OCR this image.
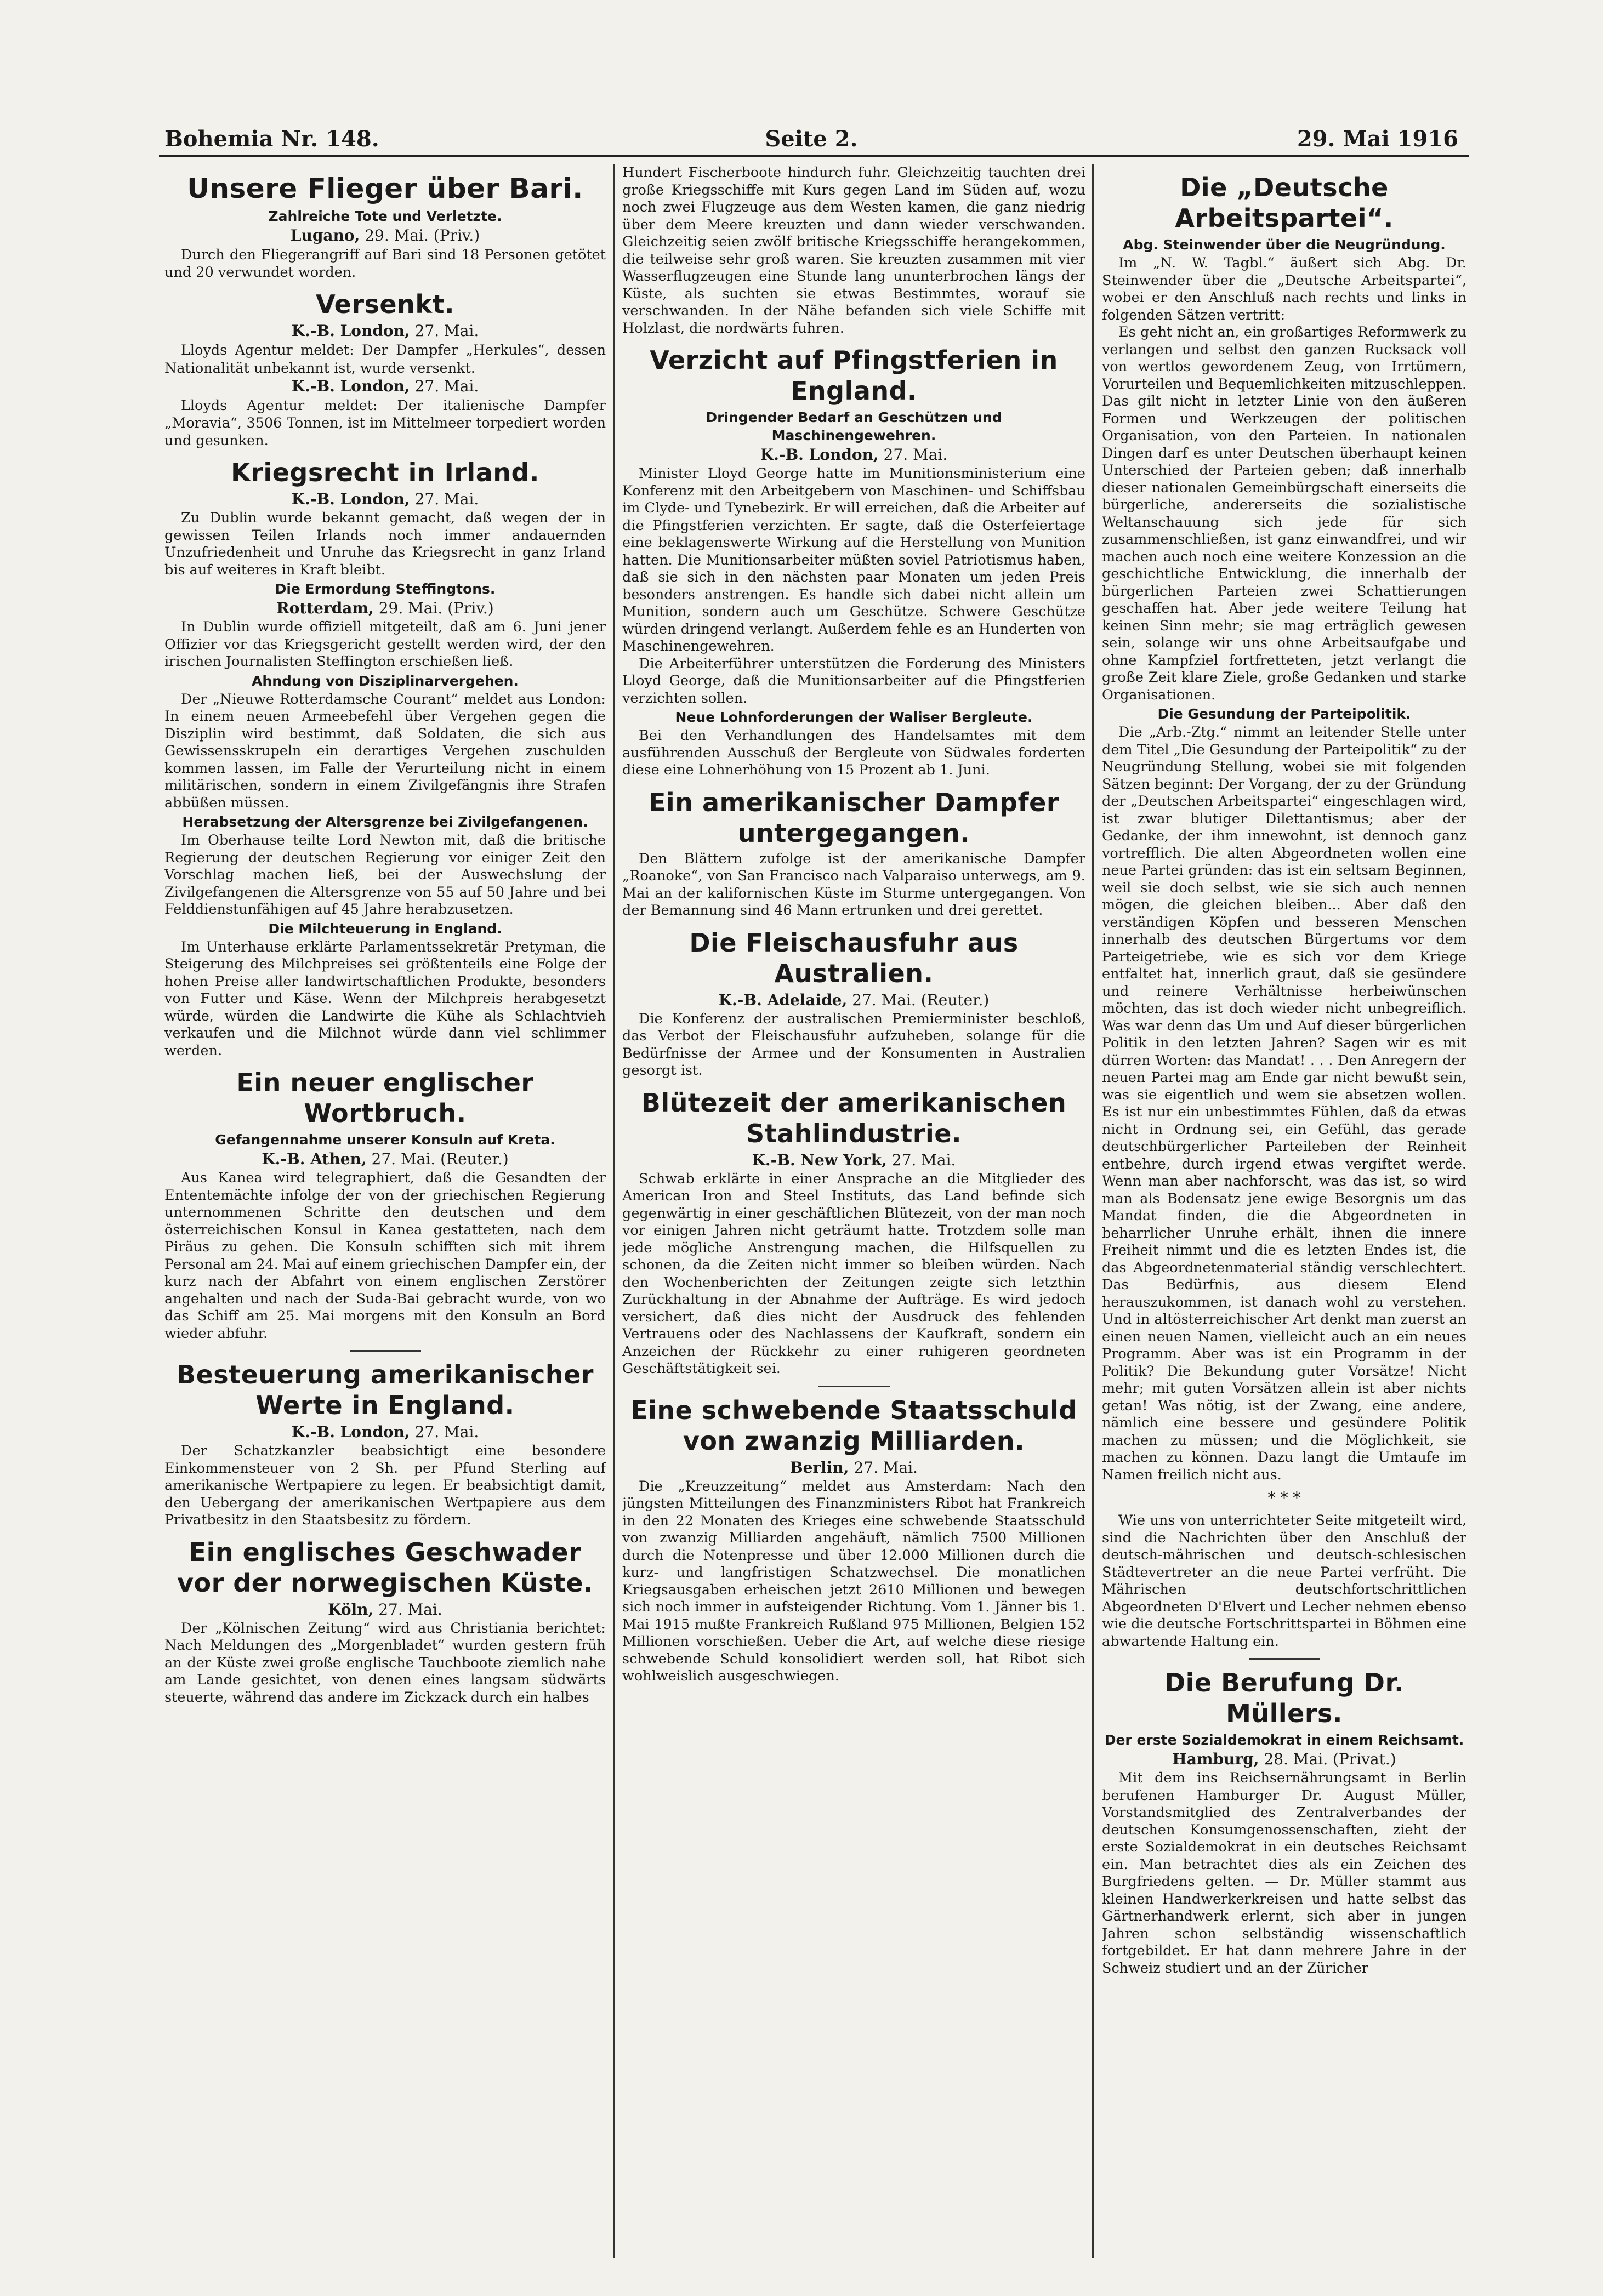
Bohemia Nr. 148.	Seite 2.	29. Mai 1916
Unsere Flieger über Bari.
Zahlreiche Tote und Verletzte.
Lugano, 29. Mai. (Priv.)

Durch den Fliegerangriff auf Bari sind 18 Personen getötet und 20 verwundet worden.

Versenkt.
K.-B. London, 27. Mai.

Lloyds Agentur meldet: Der Dampfer „Herkules“, dessen Nationalität unbekannt ist, wurde versenkt.

K.-B. London, 27. Mai.

Lloyds Agentur meldet: Der italienische Dampfer „Moravia“, 3506 Tonnen, ist im Mittelmeer torpediert worden und gesunken.

Kriegsrecht in Irland.
K.-B. London, 27. Mai.

Zu Dublin wurde bekannt gemacht, daß wegen der in gewissen Teilen Irlands noch immer andauernden Unzufriedenheit und Unruhe das Kriegsrecht in ganz Irland bis auf weiteres in Kraft bleibt.

Die Ermordung Steffingtons.
Rotterdam, 29. Mai. (Priv.)

In Dublin wurde offiziell mitgeteilt, daß am 6. Juni jener Offizier vor das Kriegsgericht gestellt werden wird, der den irischen Journalisten Steffington erschießen ließ.

Ahndung von Disziplinarvergehen.

Der „Nieuwe Rotterdamsche Courant“ meldet aus London: In einem neuen Armeebefehl über Vergehen gegen die Disziplin wird bestimmt, daß Soldaten, die sich aus Gewissensskrupeln ein derartiges Vergehen zuschulden kommen lassen, im Falle der Verurteilung nicht in einem militärischen, sondern in einem Zivilgefängnis ihre Strafen abbüßen müssen.

Herabsetzung der Altersgrenze bei Zivilgefangenen.

Im Oberhause teilte Lord Newton mit, daß die britische Regierung der deutschen Regierung vor einiger Zeit den Vorschlag machen ließ, bei der Auswechslung der Zivilgefangenen die Altersgrenze von 55 auf 50 Jahre und bei Felddienstunfähigen auf 45 Jahre herabzusetzen.

Die Milchteuerung in England.

Im Unterhause erklärte Parlamentssekretär Pretyman, die Steigerung des Milchpreises sei größtenteils eine Folge der hohen Preise aller landwirtschaftlichen Produkte, besonders von Futter und Käse. Wenn der Milchpreis herabgesetzt würde, würden die Landwirte die Kühe als Schlachtvieh verkaufen und die Milchnot würde dann viel schlimmer werden.

Ein neuer englischer Wortbruch.
Gefangennahme unserer Konsuln auf Kreta.
K.-B. Athen, 27. Mai. (Reuter.)

Aus Kanea wird telegraphiert, daß die Gesandten der Ententemächte infolge der von der griechischen Regierung unternommenen Schritte den deutschen und dem österreichischen Konsul in Kanea gestatteten, nach dem Piräus zu gehen. Die Konsuln schifften sich mit ihrem Personal am 24. Mai auf einem griechischen Dampfer ein, der kurz nach der Abfahrt von einem englischen Zerstörer angehalten und nach der Suda-Bai gebracht wurde, von wo das Schiff am 25. Mai morgens mit den Konsuln an Bord wieder abfuhr.

Besteuerung amerikanischer Werte in England.
K.-B. London, 27. Mai.

Der Schatzkanzler beabsichtigt eine besondere Einkommensteuer von 2 Sh. per Pfund Sterling auf amerikanische Wertpapiere zu legen. Er beabsichtigt damit, den Uebergang der amerikanischen Wertpapiere aus dem Privatbesitz in den Staatsbesitz zu fördern.

Ein englisches Geschwader vor der norwegischen Küste.
Köln, 27. Mai.

Der „Kölnischen Zeitung“ wird aus Christiania berichtet: Nach Meldungen des „Morgenbladet“ wurden gestern früh an der Küste zwei große englische Tauchboote ziemlich nahe am Lande gesichtet, von denen eines langsam südwärts steuerte, während das andere im Zickzack durch ein halbes

Hundert Fischerboote hindurch fuhr. Gleichzeitig tauchten drei große Kriegsschiffe mit Kurs gegen Land im Süden auf, wozu noch zwei Flugzeuge aus dem Westen kamen, die ganz niedrig über dem Meere kreuzten und dann wieder verschwanden. Gleichzeitig seien zwölf britische Kriegsschiffe herangekommen, die teilweise sehr groß waren. Sie kreuzten zusammen mit vier Wasserflugzeugen eine Stunde lang ununterbrochen längs der Küste, als suchten sie etwas Bestimmtes, worauf sie verschwanden. In der Nähe befanden sich viele Schiffe mit Holzlast, die nordwärts fuhren.

Verzicht auf Pfingstferien in England.
Dringender Bedarf an Geschützen und Maschinengewehren.
K.-B. London, 27. Mai.

Minister Lloyd George hatte im Munitionsministerium eine Konferenz mit den Arbeitgebern von Maschinen- und Schiffsbau im Clyde- und Tynebezirk. Er will erreichen, daß die Arbeiter auf die Pfingstferien verzichten. Er sagte, daß die Osterfeiertage eine beklagenswerte Wirkung auf die Herstellung von Munition hatten. Die Munitionsarbeiter müßten soviel Patriotismus haben, daß sie sich in den nächsten paar Monaten um jeden Preis besonders anstrengen. Es handle sich dabei nicht allein um Munition, sondern auch um Geschütze. Schwere Geschütze würden dringend verlangt. Außerdem fehle es an Hunderten von Maschinengewehren.

Die Arbeiterführer unterstützen die Forderung des Ministers Lloyd George, daß die Munitionsarbeiter auf die Pfingstferien verzichten sollen.

Neue Lohnforderungen der Waliser Bergleute.

Bei den Verhandlungen des Handelsamtes mit dem ausführenden Ausschuß der Bergleute von Südwales forderten diese eine Lohnerhöhung von 15 Prozent ab 1. Juni.

Ein amerikanischer Dampfer untergegangen.

Den Blättern zufolge ist der amerikanische Dampfer „Roanoke“, von San Francisco nach Valparaiso unterwegs, am 9. Mai an der kalifornischen Küste im Sturme untergegangen. Von der Bemannung sind 46 Mann ertrunken und drei gerettet.

Die Fleischausfuhr aus Australien.
K.-B. Adelaide, 27. Mai. (Reuter.)

Die Konferenz der australischen Premierminister beschloß, das Verbot der Fleischausfuhr aufzuheben, solange für die Bedürfnisse der Armee und der Konsumenten in Australien gesorgt ist.

Blütezeit der amerikanischen Stahlindustrie.
K.-B. New York, 27. Mai.

Schwab erklärte in einer Ansprache an die Mitglieder des American Iron and Steel Instituts, das Land befinde sich gegenwärtig in einer geschäftlichen Blütezeit, von der man noch vor einigen Jahren nicht geträumt hatte. Trotzdem solle man jede mögliche Anstrengung machen, die Hilfsquellen zu schonen, da die Zeiten nicht immer so bleiben würden. Nach den Wochenberichten der Zeitungen zeigte sich letzthin Zurückhaltung in der Abnahme der Aufträge. Es wird jedoch versichert, daß dies nicht der Ausdruck des fehlenden Vertrauens oder des Nachlassens der Kaufkraft, sondern ein Anzeichen der Rückkehr zu einer ruhigeren geordneten Geschäftstätigkeit sei.

Eine schwebende Staatsschuld von zwanzig Milliarden.
Berlin, 27. Mai.

Die „Kreuzzeitung“ meldet aus Amsterdam: Nach den jüngsten Mitteilungen des Finanzministers Ribot hat Frankreich in den 22 Monaten des Krieges eine schwebende Staatsschuld von zwanzig Milliarden angehäuft, nämlich 7500 Millionen durch die Notenpresse und über 12.000 Millionen durch die kurz- und langfristigen Schatzwechsel. Die monatlichen Kriegsausgaben erheischen jetzt 2610 Millionen und bewegen sich noch immer in aufsteigender Richtung. Vom 1. Jänner bis 1. Mai 1915 mußte Frankreich Rußland 975 Millionen, Belgien 152 Millionen vorschießen. Ueber die Art, auf welche diese riesige schwebende Schuld konsolidiert werden soll, hat Ribot sich wohlweislich ausgeschwiegen.

Die „Deutsche Arbeitspartei“.
Abg. Steinwender über die Neugründung.

Im „N. W. Tagbl.“ äußert sich Abg. Dr. Steinwender über die „Deutsche Arbeitspartei“, wobei er den Anschluß nach rechts und links in folgenden Sätzen vertritt:

Es geht nicht an, ein großartiges Reformwerk zu verlangen und selbst den ganzen Rucksack voll von wertlos gewordenem Zeug, von Irrtümern, Vorurteilen und Bequemlichkeiten mitzuschleppen. Das gilt nicht in letzter Linie von den äußeren Formen und Werkzeugen der politischen Organisation, von den Parteien. In nationalen Dingen darf es unter Deutschen überhaupt keinen Unterschied der Parteien geben; daß innerhalb dieser nationalen Gemeinbürgschaft einerseits die bürgerliche, andererseits die sozialistische Weltanschauung sich jede für sich zusammenschließen, ist ganz einwandfrei, und wir machen auch noch eine weitere Konzession an die geschichtliche Entwicklung, die innerhalb der bürgerlichen Parteien zwei Schattierungen geschaffen hat. Aber jede weitere Teilung hat keinen Sinn mehr; sie mag erträglich gewesen sein, solange wir uns ohne Arbeitsaufgabe und ohne Kampfziel fortfretteten, jetzt verlangt die große Zeit klare Ziele, große Gedanken und starke Organisationen.

Die Gesundung der Parteipolitik.

Die „Arb.-Ztg.“ nimmt an leitender Stelle unter dem Titel „Die Gesundung der Parteipolitik“ zu der Neugründung Stellung, wobei sie mit folgenden Sätzen beginnt: Der Vorgang, der zu der Gründung der „Deutschen Arbeitspartei“ eingeschlagen wird, ist zwar blutiger Dilettantismus; aber der Gedanke, der ihm innewohnt, ist dennoch ganz vortrefflich. Die alten Abgeordneten wollen eine neue Partei gründen: das ist ein seltsam Beginnen, weil sie doch selbst, wie sie sich auch nennen mögen, die gleichen bleiben... Aber daß den verständigen Köpfen und besseren Menschen innerhalb des deutschen Bürgertums vor dem Parteigetriebe, wie es sich vor dem Kriege entfaltet hat, innerlich graut, daß sie gesündere und reinere Verhältnisse herbeiwünschen möchten, das ist doch wieder nicht unbegreiflich. Was war denn das Um und Auf dieser bürgerlichen Politik in den letzten Jahren? Sagen wir es mit dürren Worten: das Mandat! . . . Den Anregern der neuen Partei mag am Ende gar nicht bewußt sein, was sie eigentlich und wem sie absetzen wollen. Es ist nur ein unbestimmtes Fühlen, daß da etwas nicht in Ordnung sei, ein Gefühl, das gerade deutschbürgerlicher Parteileben der Reinheit entbehre, durch irgend etwas vergiftet werde. Wenn man aber nachforscht, was das ist, so wird man als Bodensatz jene ewige Besorgnis um das Mandat finden, die die Abgeordneten in beharrlicher Unruhe erhält, ihnen die innere Freiheit nimmt und die es letzten Endes ist, die das Abgeordnetenmaterial ständig verschlechtert. Das Bedürfnis, aus diesem Elend herauszukommen, ist danach wohl zu verstehen. Und in altösterreichischer Art denkt man zuerst an einen neuen Namen, vielleicht auch an ein neues Programm. Aber was ist ein Programm in der Politik? Die Bekundung guter Vorsätze! Nicht mehr; mit guten Vorsätzen allein ist aber nichts getan! Was nötig, ist der Zwang, eine andere, nämlich eine bessere und gesündere Politik machen zu müssen; und die Möglichkeit, sie machen zu können. Dazu langt die Umtaufe im Namen freilich nicht aus.

* * *

Wie uns von unterrichteter Seite mitgeteilt wird, sind die Nachrichten über den Anschluß der deutsch-mährischen und deutsch-schlesischen Städtevertreter an die neue Partei verfrüht. Die Mährischen deutschfortschrittlichen Abgeordneten D'Elvert und Lecher nehmen ebenso wie die deutsche Fortschrittspartei in Böhmen eine abwartende Haltung ein.

Die Berufung Dr. Müllers.
Der erste Sozialdemokrat in einem Reichsamt.
Hamburg, 28. Mai. (Privat.)

Mit dem ins Reichsernährungsamt in Berlin berufenen Hamburger Dr. August Müller, Vorstandsmitglied des Zentralverbandes der deutschen Konsumgenossenschaften, zieht der erste Sozialdemokrat in ein deutsches Reichsamt ein. Man betrachtet dies als ein Zeichen des Burgfriedens gelten. — Dr. Müller stammt aus kleinen Handwerkerkreisen und hatte selbst das Gärtnerhandwerk erlernt, sich aber in jungen Jahren schon selbständig wissenschaftlich fortgebildet. Er hat dann mehrere Jahre in der Schweiz studiert und an der Züricher
